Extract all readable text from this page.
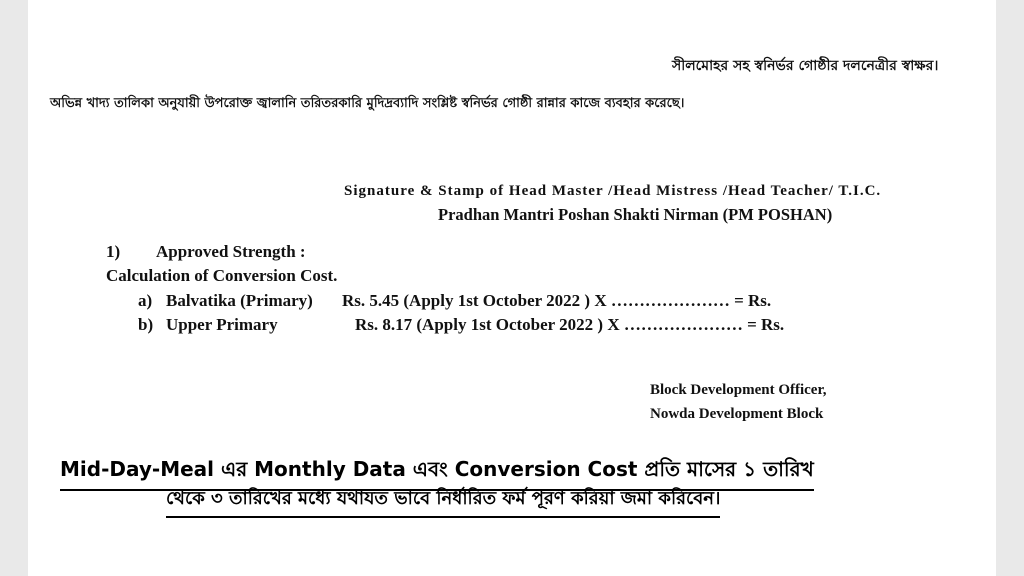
সীলমোহর সহ স্বনির্ভর গোষ্ঠীর দলনেত্রীর স্বাক্ষর।
অভিন্ন খাদ্য তালিকা অনুযায়ী উপরোক্ত জ্বালানি তরিতরকারি মুদিদ্রব্যাদি সংশ্লিষ্ট স্বনির্ভর গোষ্ঠী রান্নার কাজে ব্যবহার করেছে।
Signature & Stamp of Head Master /Head Mistress /Head Teacher/ T.I.C.
Pradhan Mantri Poshan Shakti Nirman (PM POSHAN)
1) Approved Strength :
Calculation of Conversion Cost.
a) Balvatika (Primary) Rs. 5.45 (Apply 1st October 2022 ) X ………………… = Rs.
b) Upper Primary	Rs. 8.17 (Apply 1st October 2022 ) X ………………… = Rs.
Block Development Officer,
Nowda Development Block
Mid-Day-Meal এর Monthly Data এবং Conversion Cost প্রতি মাসের ১ তারিখ
থেকে ৩ তারিখের মধ্যে যথাযত ভাবে নির্ধারিত ফর্ম পূরণ করিয়া জমা করিবেন।
